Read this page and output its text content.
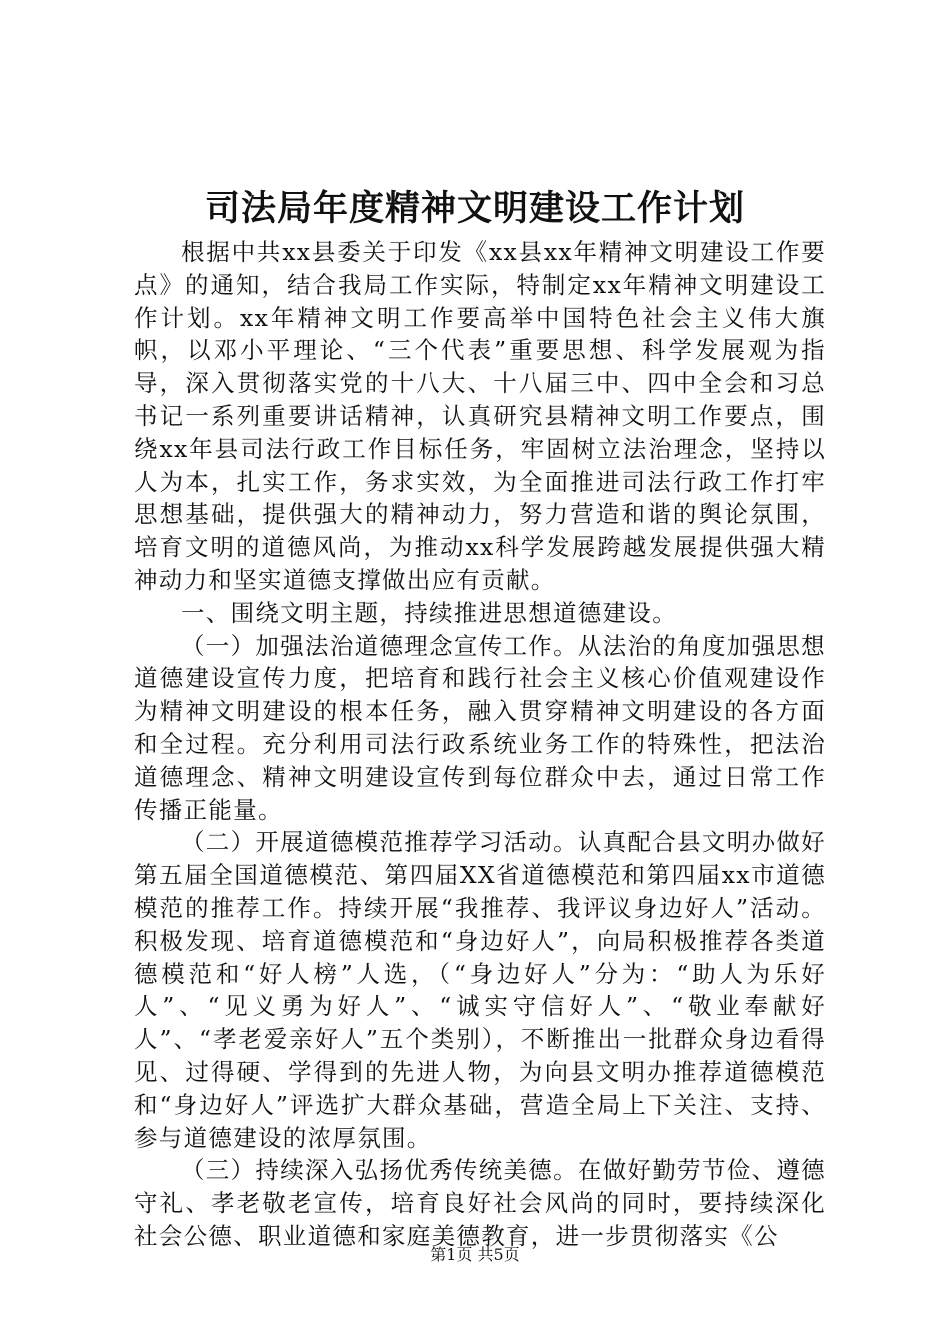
司法局年度精神文明建设工作计划

根据中共xx县委关于印发《xx县xx年精神文明建设工作要点》的通知，结合我局工作实际，特制定xx年精神文明建设工作计划。xx年精神文明工作要高举中国特色社会主义伟大旗帜，以邓小平理论、“三个代表”重要思想、科学发展观为指导，深入贯彻落实党的十八大、十八届三中、四中全会和习总书记一系列重要讲话精神，认真研究县精神文明工作要点，围绕xx年县司法行政工作目标任务，牢固树立法治理念，坚持以人为本，扎实工作，务求实效，为全面推进司法行政工作打牢思想基础，提供强大的精神动力，努力营造和谐的舆论氛围，培育文明的道德风尚，为推动xx科学发展跨越发展提供强大精神动力和坚实道德支撑做出应有贡献。

一、围绕文明主题，持续推进思想道德建设。

（一）加强法治道德理念宣传工作。从法治的角度加强思想道德建设宣传力度，把培育和践行社会主义核心价值观建设作为精神文明建设的根本任务，融入贯穿精神文明建设的各方面和全过程。充分利用司法行政系统业务工作的特殊性，把法治道德理念、精神文明建设宣传到每位群众中去，通过日常工作传播正能量。

（二）开展道德模范推荐学习活动。认真配合县文明办做好第五届全国道德模范、第四届XX省道德模范和第四届xx市道德模范的推荐工作。持续开展“我推荐、我评议身边好人”活动。积极发现、培育道德模范和“身边好人”，向局积极推荐各类道德模范和“好人榜”人选，（“身边好人”分为：“助人为乐好人”、“见义勇为好人”、“诚实守信好人”、“敬业奉献好人”、“孝老爱亲好人”五个类别），不断推出一批群众身边看得见、过得硬、学得到的先进人物，为向县文明办推荐道德模范和“身边好人”评选扩大群众基础，营造全局上下关注、支持、参与道德建设的浓厚氛围。

（三）持续深入弘扬优秀传统美德。在做好勤劳节俭、遵德守礼、孝老敬老宣传，培育良好社会风尚的同时，要持续深化社会公德、职业道德和家庭美德教育，进一步贯彻落实《公

第1页 共5页
